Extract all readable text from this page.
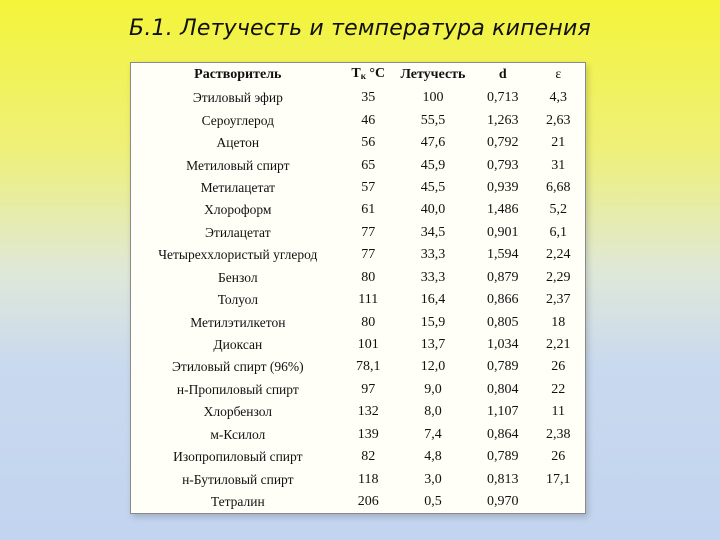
Б.1. Летучесть и температура кипения
Растворитель	$T_к$ °C	Летучесть	d	ε
Этиловый эфир	35	100	0,713	4,3
Сероуглерод	46	55,5	1,263	2,63
Ацетон	56	47,6	0,792	21
Метиловый спирт	65	45,9	0,793	31
Метилацетат	57	45,5	0,939	6,68
Хлороформ	61	40,0	1,486	5,2
Этилацетат	77	34,5	0,901	6,1
Четыреххлористый углерод	77	33,3	1,594	2,24
Бензол	80	33,3	0,879	2,29
Толуол	111	16,4	0,866	2,37
Метилэтилкетон	80	15,9	0,805	18
Диоксан	101	13,7	1,034	2,21
Этиловый спирт (96%)	78,1	12,0	0,789	26
н-Пропиловый спирт	97	9,0	0,804	22
Хлорбензол	132	8,0	1,107	11
м-Ксилол	139	7,4	0,864	2,38
Изопропиловый спирт	82	4,8	0,789	26
н-Бутиловый спирт	118	3,0	0,813	17,1
Тетралин	206	0,5	0,970	
